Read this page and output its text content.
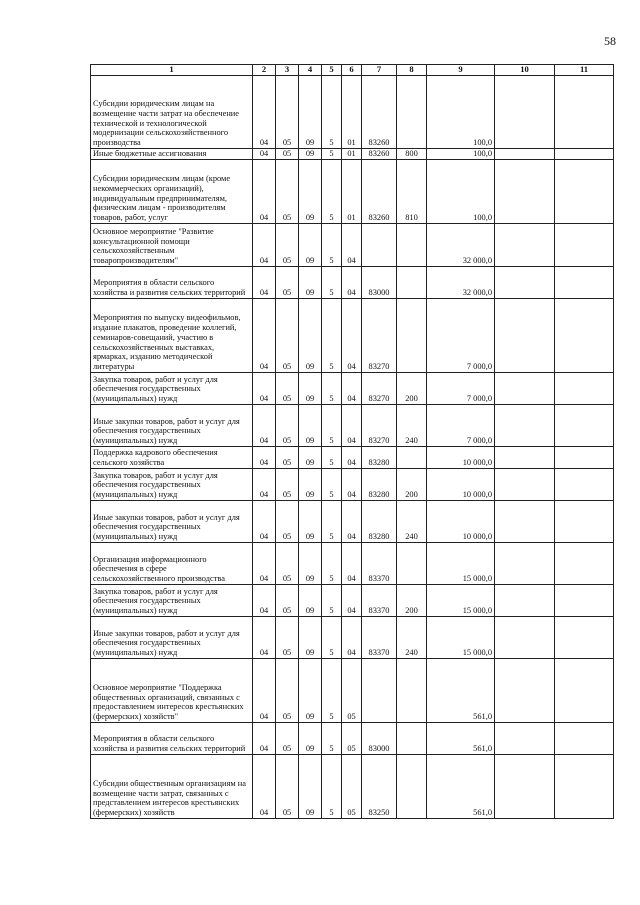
58
1	2	3	4	5	6	7	8	9	10	11
Субсидии юридическим лицам на возмещение части затрат на обеспечение технической и технологической модернизации сельскохозяйственного производства	04	05	09	5	01	83260		100,0		
Иные бюджетные ассигнования	04	05	09	5	01	83260	800	100,0		
Субсидии юридическим лицам (кроме некоммерческих организаций), индивидуальным предпринимателям, физическим лицам - производителям товаров, работ, услуг	04	05	09	5	01	83260	810	100,0		
Основное мероприятие "Развитие консультационной помощи сельскохозяйственным товаропроизводителям"	04	05	09	5	04			32 000,0		
Мероприятия в области сельского хозяйства и развития сельских территорий	04	05	09	5	04	83000		32 000,0		
Мероприятия по выпуску видеофильмов, издание плакатов, проведение коллегий, семинаров-совещаний, участию в сельскохозяйственных выставках, ярмарках, изданию методической литературы	04	05	09	5	04	83270		7 000,0		
Закупка товаров, работ и услуг для обеспечения государственных (муниципальных) нужд	04	05	09	5	04	83270	200	7 000,0		
Иные закупки товаров, работ и услуг для обеспечения государственных (муниципальных) нужд	04	05	09	5	04	83270	240	7 000,0		
Поддержка кадрового обеспечения сельского хозяйства	04	05	09	5	04	83280		10 000,0		
Закупка товаров, работ и услуг для обеспечения государственных (муниципальных) нужд	04	05	09	5	04	83280	200	10 000,0		
Иные закупки товаров, работ и услуг для обеспечения государственных (муниципальных) нужд	04	05	09	5	04	83280	240	10 000,0		
Организация информационного обеспечения в сфере сельскохозяйственного производства	04	05	09	5	04	83370		15 000,0		
Закупка товаров, работ и услуг для обеспечения государственных (муниципальных) нужд	04	05	09	5	04	83370	200	15 000,0		
Иные закупки товаров, работ и услуг для обеспечения государственных (муниципальных) нужд	04	05	09	5	04	83370	240	15 000,0		
Основное мероприятие "Поддержка общественных организаций, связанных с предоставлением интересов крестьянских (фермерских) хозяйств"	04	05	09	5	05			561,0		
Мероприятия в области сельского хозяйства и развития сельских территорий	04	05	09	5	05	83000		561,0		
Субсидии общественным организациям на возмещение части затрат, связанных с представлением интересов крестьянских (фермерских) хозяйств	04	05	09	5	05	83250		561,0		
